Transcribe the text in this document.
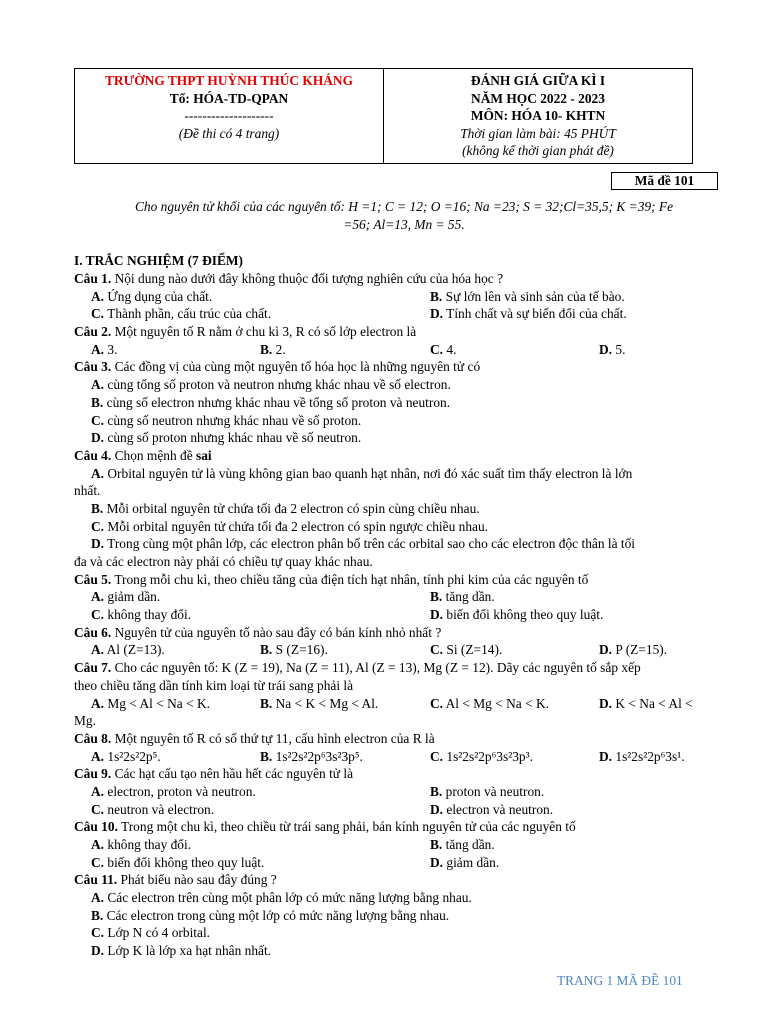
TRƯỜNG THPT HUỲNH THÚC KHÁNG
Tổ: HÓA-TD-QPAN
--------------------
(Đề thi có 4 trang)
ĐÁNH GIÁ GIỮA KÌ I
NĂM HỌC 2022 - 2023
MÔN: HÓA 10- KHTN
Thời gian làm bài: 45 PHÚT
(không kể thời gian phát đề)
Mã đề 101
Cho nguyên tử khối của các nguyên tố: H =1; C = 12; O =16; Na =23; S = 32;Cl=35,5; K =39; Fe
=56; Al=13, Mn = 55.
I. TRẮC NGHIỆM (7 ĐIỂM)
Câu 1. Nội dung nào dưới đây không thuộc đối tượng nghiên cứu của hóa học ?
A. Ứng dụng của chất.	B. Sự lớn lên và sinh sản của tế bào.
C. Thành phần, cấu trúc của chất.	D. Tính chất và sự biến đổi của chất.
Câu 2. Một nguyên tố R nằm ở chu kì 3, R có số lớp electron là
A. 3.	B. 2.	C. 4.	D. 5.
Câu 3. Các đồng vị của cùng một nguyên tố hóa học là những nguyên tử có
A. cùng tổng số proton và neutron nhưng khác nhau về số electron.
B. cùng số electron nhưng khác nhau về tổng số proton và neutron.
C. cùng số neutron nhưng khác nhau về số proton.
D. cùng số proton nhưng khác nhau về số neutron.
Câu 4. Chọn mệnh đề sai
A. Orbital nguyên tử là vùng không gian bao quanh hạt nhân, nơi đó xác suất tìm thấy electron là lớn
nhất.
B. Mỗi orbital nguyên tử chứa tối đa 2 electron có spin cùng chiều nhau.
C. Mỗi orbital nguyên tử chứa tối đa 2 electron có spin ngược chiều nhau.
D. Trong cùng một phân lớp, các electron phân bố trên các orbital sao cho các electron độc thân là tối
đa và các electron này phải có chiều tự quay khác nhau.
Câu 5. Trong mỗi chu kì, theo chiều tăng của điện tích hạt nhân, tính phi kim của các nguyên tố
A. giảm dần.	B. tăng dần.
C. không thay đổi.	D. biến đổi không theo quy luật.
Câu 6. Nguyên tử của nguyên tố nào sau đây có bán kính nhỏ nhất ?
A. Al (Z=13).	B. S (Z=16).	C. Si (Z=14).	D. P (Z=15).
Câu 7. Cho các nguyên tố: K (Z = 19), Na (Z = 11), Al (Z = 13), Mg (Z = 12). Dãy các nguyên tố sắp xếp
theo chiều tăng dần tính kim loại từ trái sang phải là
A. Mg < Al < Na < K.	B. Na < K < Mg < Al.	C. Al < Mg < Na < K.	D. K < Na < Al <
Mg.
Câu 8. Một nguyên tố R có số thứ tự 11, cấu hình electron của R là
A. 1s²2s²2p⁵.	B. 1s²2s²2p⁶3s²3p⁵.	C. 1s²2s²2p⁶3s²3p³.	D. 1s²2s²2p⁶3s¹.
Câu 9. Các hạt cấu tạo nên hầu hết các nguyên tử là
A. electron, proton và neutron.	B. proton và neutron.
C. neutron và electron.	D. electron và neutron.
Câu 10. Trong một chu kì, theo chiều từ trái sang phải, bán kính nguyên tử của các nguyên tố
A. không thay đổi.	B. tăng dần.
C. biến đổi không theo quy luật.	D. giảm dần.
Câu 11. Phát biểu nào sau đây đúng ?
A. Các electron trên cùng một phân lớp có mức năng lượng bằng nhau.
B. Các electron trong cùng một lớp có mức năng lượng bằng nhau.
C. Lớp N có 4 orbital.
D. Lớp K là lớp xa hạt nhân nhất.
TRANG 1 MÃ ĐỀ 101
